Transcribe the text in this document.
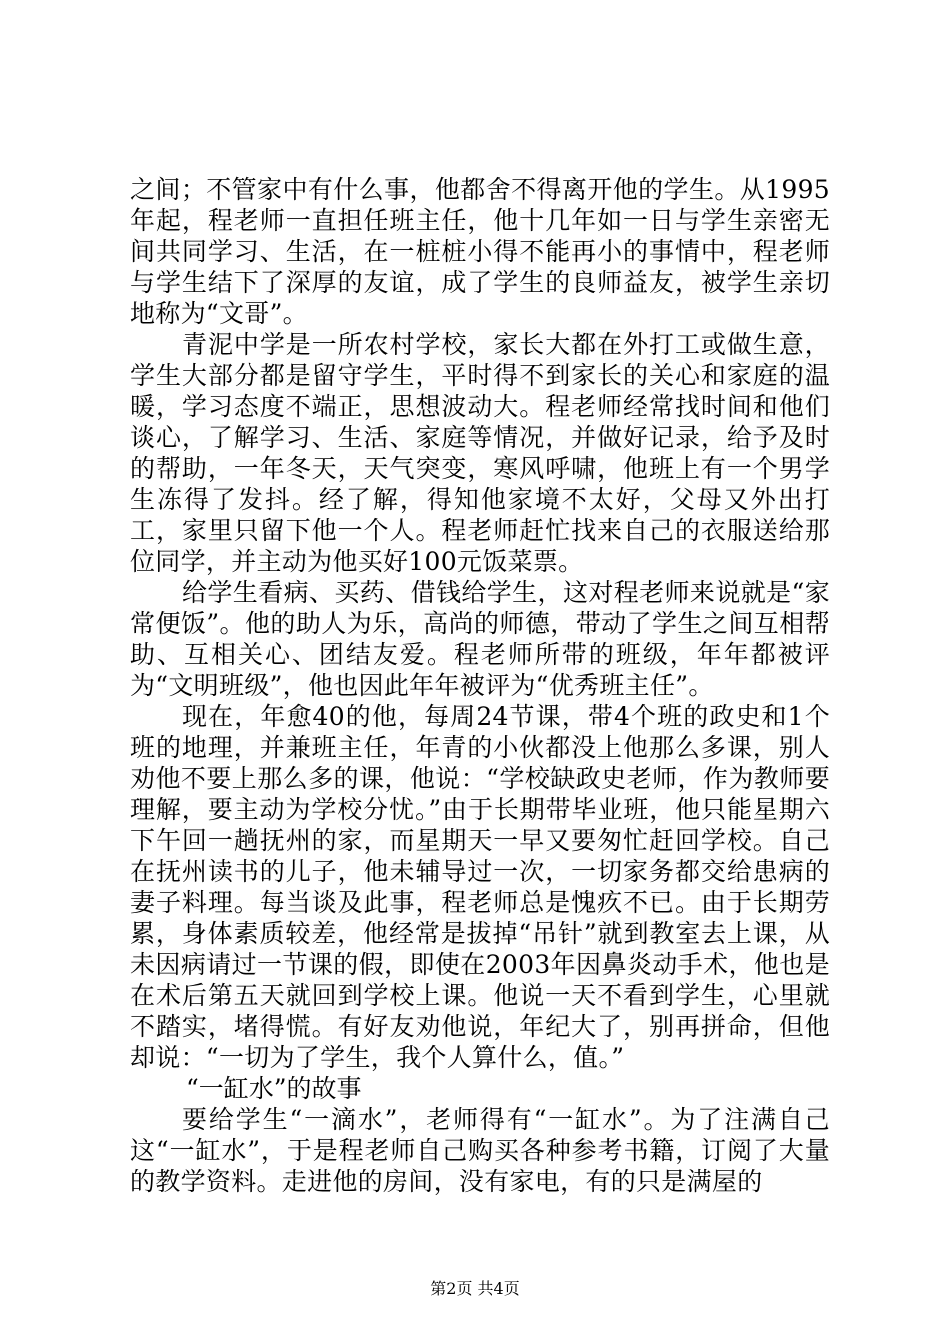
之间；不管家中有什么事，他都舍不得离开他的学生。从1995年起，程老师一直担任班主任，他十几年如一日与学生亲密无间共同学习、生活，在一桩桩小得不能再小的事情中，程老师与学生结下了深厚的友谊，成了学生的良师益友，被学生亲切地称为“文哥”。

青泥中学是一所农村学校，家长大都在外打工或做生意，学生大部分都是留守学生，平时得不到家长的关心和家庭的温暖，学习态度不端正，思想波动大。程老师经常找时间和他们谈心，了解学习、生活、家庭等情况，并做好记录，给予及时的帮助，一年冬天，天气突变，寒风呼啸，他班上有一个男学生冻得了发抖。经了解，得知他家境不太好，父母又外出打工，家里只留下他一个人。程老师赶忙找来自己的衣服送给那位同学，并主动为他买好100元饭菜票。

给学生看病、买药、借钱给学生，这对程老师来说就是“家常便饭”。他的助人为乐，高尚的师德，带动了学生之间互相帮助、互相关心、团结友爱。程老师所带的班级，年年都被评为“文明班级”，他也因此年年被评为“优秀班主任”。

现在，年愈40的他，每周24节课，带4个班的政史和1个班的地理，并兼班主任，年青的小伙都没上他那么多课，别人劝他不要上那么多的课，他说：“学校缺政史老师，作为教师要理解，要主动为学校分忧。”由于长期带毕业班，他只能星期六下午回一趟抚州的家，而星期天一早又要匆忙赶回学校。自己在抚州读书的儿子，他未辅导过一次，一切家务都交给患病的妻子料理。每当谈及此事，程老师总是愧疚不已。由于长期劳累，身体素质较差，他经常是拔掉“吊针”就到教室去上课，从未因病请过一节课的假，即使在2003年因鼻炎动手术，他也是在术后第五天就回到学校上课。他说一天不看到学生，心里就不踏实，堵得慌。有好友劝他说，年纪大了，别再拼命，但他却说：“一切为了学生，我个人算什么，值。”

“一缸水”的故事

要给学生“一滴水”，老师得有“一缸水”。为了注满自己这“一缸水”，于是程老师自己购买各种参考书籍，订阅了大量的教学资料。走进他的房间，没有家电，有的只是满屋的

第2页 共4页
